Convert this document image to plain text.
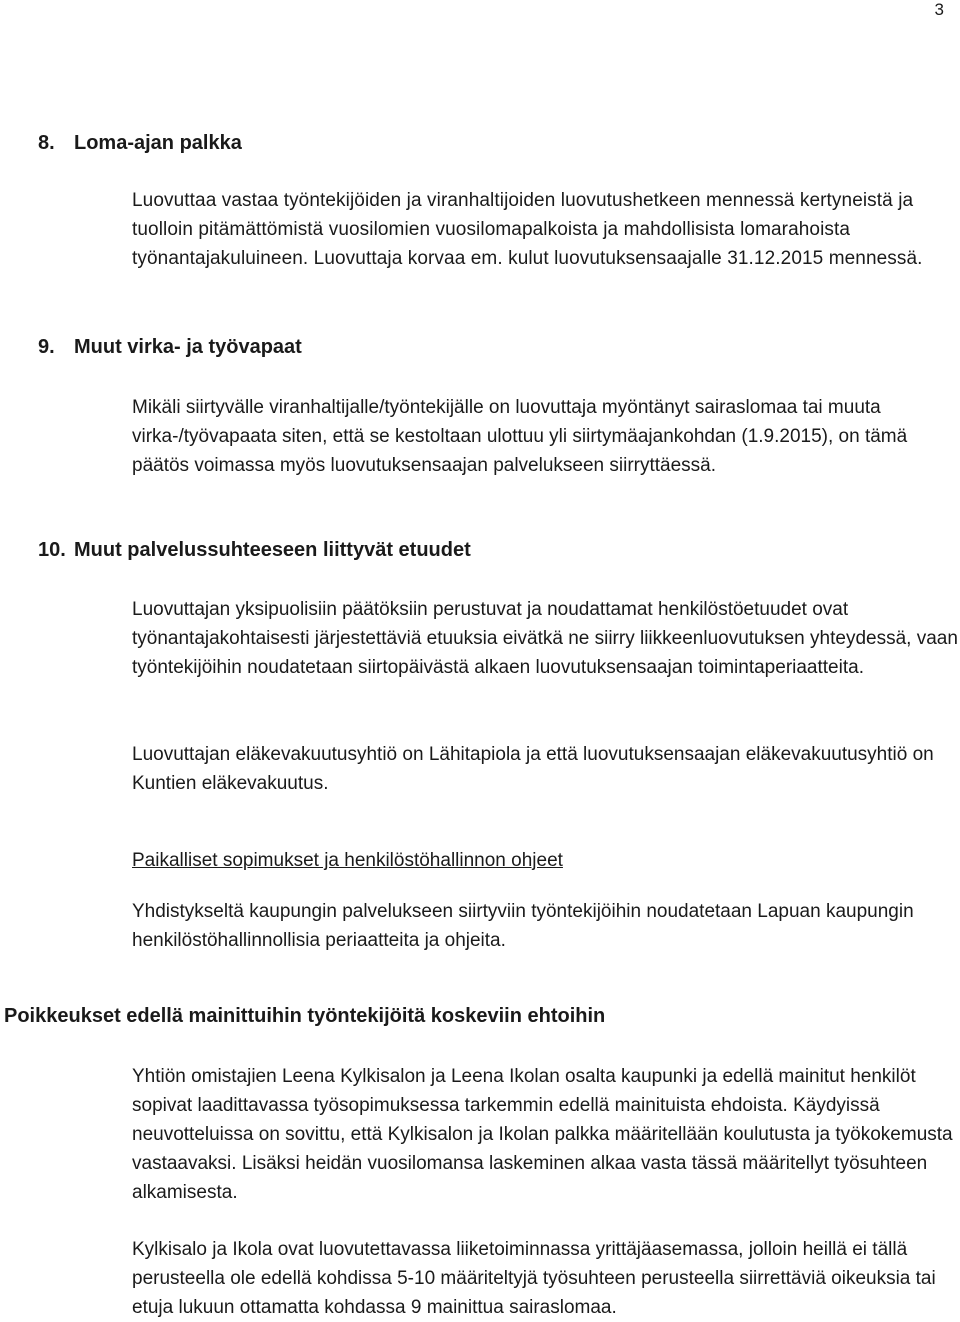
3
8. Loma-ajan palkka
Luovuttaa vastaa työntekijöiden ja viranhaltijoiden luovutushetkeen mennessä kertyneistä ja tuolloin pitämättömistä vuosilomien vuosilomapalkoista ja mahdollisista lomarahoista työnantajakuluineen. Luovuttaja korvaa em. kulut luovutuksensaajalle 31.12.2015 mennessä.
9. Muut virka- ja työvapaat
Mikäli siirtyvälle viranhaltijalle/työntekijälle on luovuttaja myöntänyt sairaslomaa tai muuta virka-/työvapaata siten, että se kestoltaan ulottuu yli siirtymäajankohdan (1.9.2015), on tämä päätös voimassa myös luovutuksensaajan palvelukseen siirryttäessä.
10. Muut palvelussuhteeseen liittyvät etuudet
Luovuttajan yksipuolisiin päätöksiin perustuvat ja noudattamat henkilöstöetuudet ovat työnantajakohtaisesti järjestettäviä etuuksia eivätkä ne siirry liikkeenluovutuksen yhteydessä, vaan työntekijöihin noudatetaan siirtopäivästä alkaen luovutuksensaajan toimintaperiaatteita.
Luovuttajan eläkevakuutusyhtiö on Lähitapiola ja että luovutuksensaajan eläkevakuutusyhtiö on Kuntien eläkevakuutus.
Paikalliset sopimukset ja henkilöstöhallinnon ohjeet
Yhdistykseltä kaupungin palvelukseen siirtyviin työntekijöihin noudatetaan Lapuan kaupungin henkilöstöhallinnollisia periaatteita ja ohjeita.
Poikkeukset edellä mainittuihin työntekijöitä koskeviin ehtoihin
Yhtiön omistajien Leena Kylkisalon ja Leena Ikolan osalta kaupunki ja edellä mainitut henkilöt sopivat laadittavassa työsopimuksessa tarkemmin edellä mainituista ehdoista. Käydyissä neuvotteluissa on sovittu, että Kylkisalon ja Ikolan palkka määritellään koulutusta ja työkokemusta vastaavaksi. Lisäksi heidän vuosilomansa laskeminen alkaa vasta tässä määritellyt työsuhteen alkamisesta.
Kylkisalo ja Ikola ovat luovutettavassa liiketoiminnassa yrittäjäasemassa, jolloin heillä ei tällä perusteella ole edellä kohdissa 5-10 määriteltyjä työsuhteen perusteella siirrettäviä oikeuksia tai etuja lukuun ottamatta kohdassa 9 mainittua sairaslomaa.
